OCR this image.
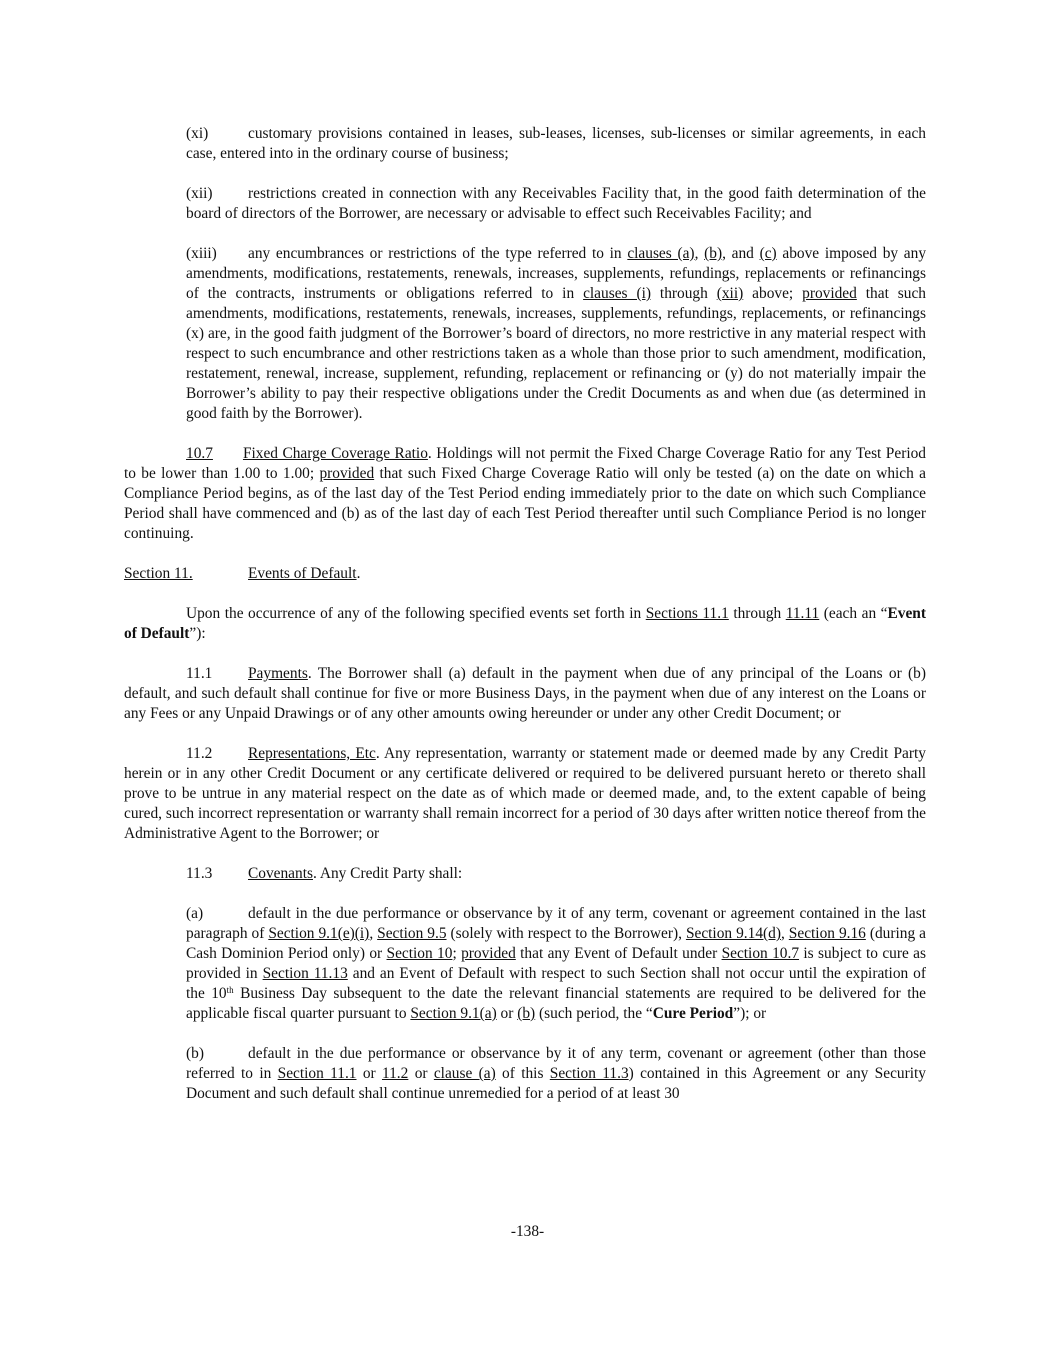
(xi)	customary provisions contained in leases, sub-leases, licenses, sub-licenses or similar agreements, in each case, entered into in the ordinary course of business;

(xii) restrictions created in connection with any Receivables Facility that, in the good faith determination of the board of directors of the Borrower, are necessary or advisable to effect such Receivables Facility; and

(xiii) any encumbrances or restrictions of the type referred to in clauses (a), (b), and (c) above imposed by any amendments, modifications, restatements, renewals, increases, supplements, refundings, replacements or refinancings of the contracts, instruments or obligations referred to in clauses (i) through (xii) above; provided that such amendments, modifications, restatements, renewals, increases, supplements, refundings, replacements, or refinancings (x) are, in the good faith judgment of the Borrower’s board of directors, no more restrictive in any material respect with respect to such encumbrance and other restrictions taken as a whole than those prior to such amendment, modification, restatement, renewal, increase, supplement, refunding, replacement or refinancing or (y) do not materially impair the Borrower’s ability to pay their respective obligations under the Credit Documents as and when due (as determined in good faith by the Borrower).

10.7 Fixed Charge Coverage Ratio. Holdings will not permit the Fixed Charge Coverage Ratio for any Test Period to be lower than 1.00 to 1.00; provided that such Fixed Charge Coverage Ratio will only be tested (a) on the date on which a Compliance Period begins, as of the last day of the Test Period ending immediately prior to the date on which such Compliance Period shall have commenced and (b) as of the last day of each Test Period thereafter until such Compliance Period is no longer continuing.

Section 11.	Events of Default.

Upon the occurrence of any of the following specified events set forth in Sections 11.1 through 11.11 (each an “Event of Default”):

11.1 Payments. The Borrower shall (a) default in the payment when due of any principal of the Loans or (b) default, and such default shall continue for five or more Business Days, in the payment when due of any interest on the Loans or any Fees or any Unpaid Drawings or of any other amounts owing hereunder or under any other Credit Document; or

11.2 Representations, Etc. Any representation, warranty or statement made or deemed made by any Credit Party herein or in any other Credit Document or any certificate delivered or required to be delivered pursuant hereto or thereto shall prove to be untrue in any material respect on the date as of which made or deemed made, and, to the extent capable of being cured, such incorrect representation or warranty shall remain incorrect for a period of 30 days after written notice thereof from the Administrative Agent to the Borrower; or

11.3 Covenants. Any Credit Party shall:

(a)	default in the due performance or observance by it of any term, covenant or agreement contained in the last paragraph of Section 9.1(e)(i), Section 9.5 (solely with respect to the Borrower), Section 9.14(d), Section 9.16 (during a Cash Dominion Period only) or Section 10; provided that any Event of Default under Section 10.7 is subject to cure as provided in Section 11.13 and an Event of Default with respect to such Section shall not occur until the expiration of the 10th Business Day subsequent to the date the relevant financial statements are required to be delivered for the applicable fiscal quarter pursuant to Section 9.1(a) or (b) (such period, the “Cure Period”); or

(b)	default in the due performance or observance by it of any term, covenant or agreement (other than those referred to in Section 11.1 or 11.2 or clause (a) of this Section 11.3) contained in this Agreement or any Security Document and such default shall continue unremedied for a period of at least 30

-138-
